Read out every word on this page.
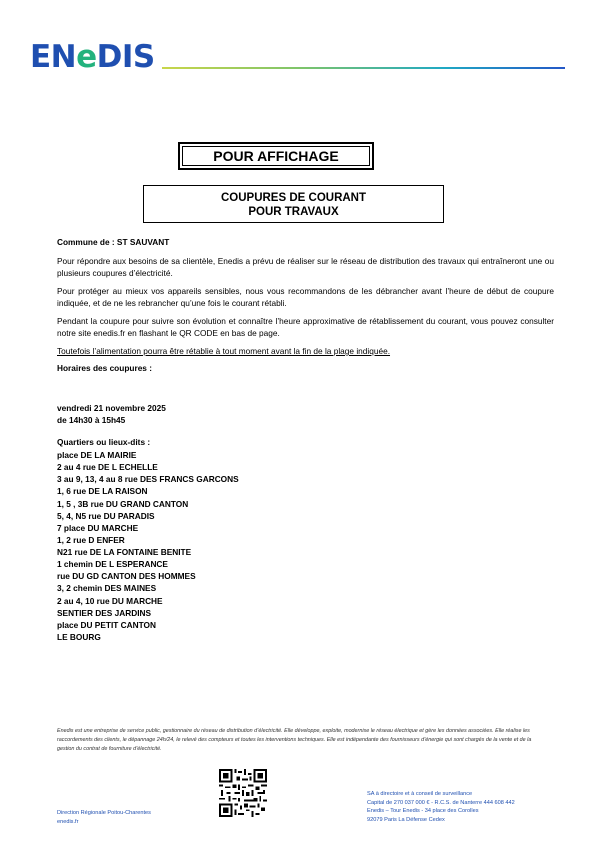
ENeDIS
POUR AFFICHAGE
COUPURES DE COURANT
POUR TRAVAUX
Commune de : ST SAUVANT
Pour répondre aux besoins de sa clientèle, Enedis a prévu de réaliser sur le réseau de distribution des travaux qui entraîneront une ou plusieurs coupures d’électricité.
Pour protéger au mieux vos appareils sensibles, nous vous recommandons de les débrancher avant l’heure de début de coupure indiquée, et de ne les rebrancher qu’une fois le courant rétabli.
Pendant la coupure pour suivre son évolution et connaître l’heure approximative de rétablissement du courant, vous pouvez consulter notre site enedis.fr en flashant le QR CODE en bas de page.
Toutefois l’alimentation pourra être rétablie à tout moment avant la fin de la plage indiquée.
Horaires des coupures :
vendredi 21 novembre 2025
de 14h30 à 15h45
Quartiers ou lieux-dits :
place DE LA MAIRIE
2 au 4 rue DE L ECHELLE
3 au 9, 13, 4 au 8 rue DES FRANCS GARCONS
1, 6 rue DE LA RAISON
1, 5 , 3B rue DU GRAND CANTON
5, 4, N5 rue DU PARADIS
7 place DU MARCHE
1, 2 rue D ENFER
N21 rue DE LA FONTAINE BENITE
1 chemin DE L ESPERANCE
rue DU GD CANTON DES HOMMES
3, 2 chemin DES MAINES
2 au 4, 10 rue DU MARCHE
SENTIER DES JARDINS
place DU PETIT CANTON
LE BOURG
Enedis est une entreprise de service public, gestionnaire du réseau de distribution d’électricité. Elle développe, exploite, modernise le réseau électrique et gère les données associées. Elle réalise les raccordements des clients, le dépannage 24h/24, le relevé des compteurs et toutes les interventions techniques. Elle est indépendante des fournisseurs d’énergie qui sont chargés de la vente et de la gestion du contrat de fourniture d’électricité.
Direction Régionale Poitou-Charentes
enedis.fr
SA à directoire et à conseil de surveillance
Capital de 270 037 000 € - R.C.S. de Nanterre 444 608 442
Enedis – Tour Enedis - 34 place des Corolles
92079 Paris La Défense Cedex
